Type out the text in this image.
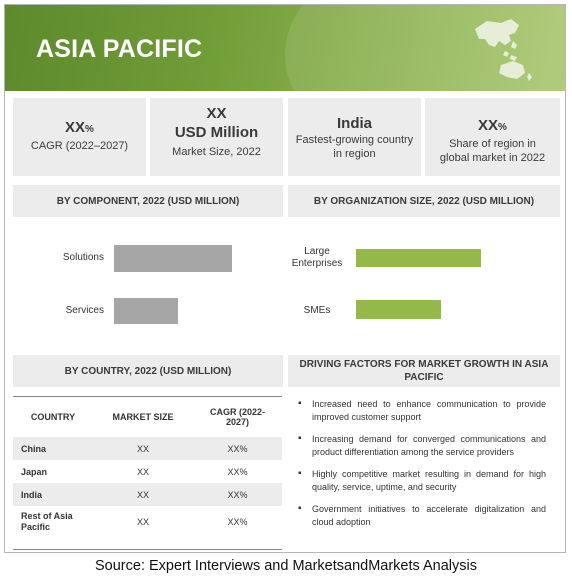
ASIA PACIFIC
XX%
CAGR (2022–2027)
XX
USD Million
Market Size, 2022
India
Fastest-growing country in region
XX%
Share of region in global market in 2022
BY COMPONENT, 2022 (USD MILLION)
Solutions
Services
BY ORGANIZATION SIZE, 2022 (USD MILLION)
Large Enterprises
SMEs
BY COUNTRY, 2022 (USD MILLION)
COUNTRY	MARKET SIZE	CAGR (2022-2027)
China	XX	XX%
Japan	XX	XX%
India	XX	XX%
Rest of Asia Pacific	XX	XX%
DRIVING FACTORS FOR MARKET GROWTH IN ASIA PACIFIC
▪ Increased need to enhance communication to provide improved customer support
▪ Increasing demand for converged communications and product differentiation among the service providers
▪ Highly competitive market resulting in demand for high quality, service, uptime, and security
▪ Government initiatives to accelerate digitalization and cloud adoption
Source: Expert Interviews and MarketsandMarkets Analysis
